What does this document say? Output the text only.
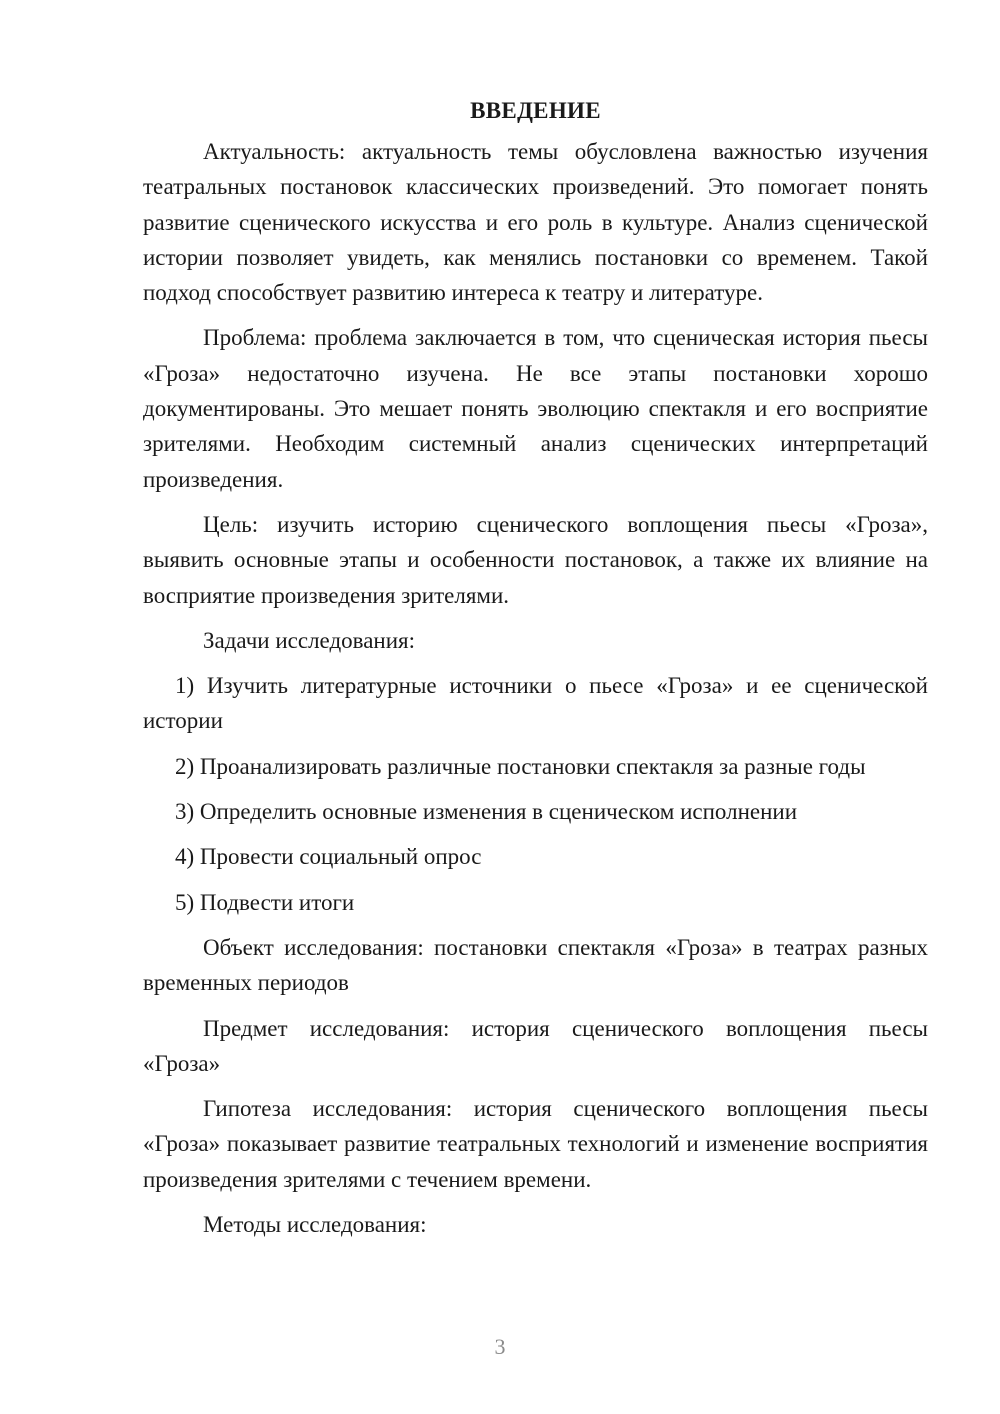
ВВЕДЕНИЕ

Актуальность: актуальность темы обусловлена важностью изучения театральных постановок классических произведений. Это помогает понять развитие сценического искусства и его роль в культуре. Анализ сценической истории позволяет увидеть, как менялись постановки со временем. Такой подход способствует развитию интереса к театру и литературе.

Проблема: проблема заключается в том, что сценическая история пьесы «Гроза» недостаточно изучена. Не все этапы постановки хорошо документированы. Это мешает понять эволюцию спектакля и его восприятие зрителями. Необходим системный анализ сценических интерпретаций произведения.

Цель: изучить историю сценического воплощения пьесы «Гроза», выявить основные этапы и особенности постановок, а также их влияние на восприятие произведения зрителями.

Задачи исследования:

1) Изучить литературные источники о пьесе «Гроза» и ее сценической истории

2) Проанализировать различные постановки спектакля за разные годы

3) Определить основные изменения в сценическом исполнении

4) Провести социальный опрос

5) Подвести итоги

Объект исследования: постановки спектакля «Гроза» в театрах разных временных периодов

Предмет исследования: история сценического воплощения пьесы «Гроза»

Гипотеза исследования: история сценического воплощения пьесы «Гроза» показывает развитие театральных технологий и изменение восприятия произведения зрителями с течением времени.

Методы исследования:

3
